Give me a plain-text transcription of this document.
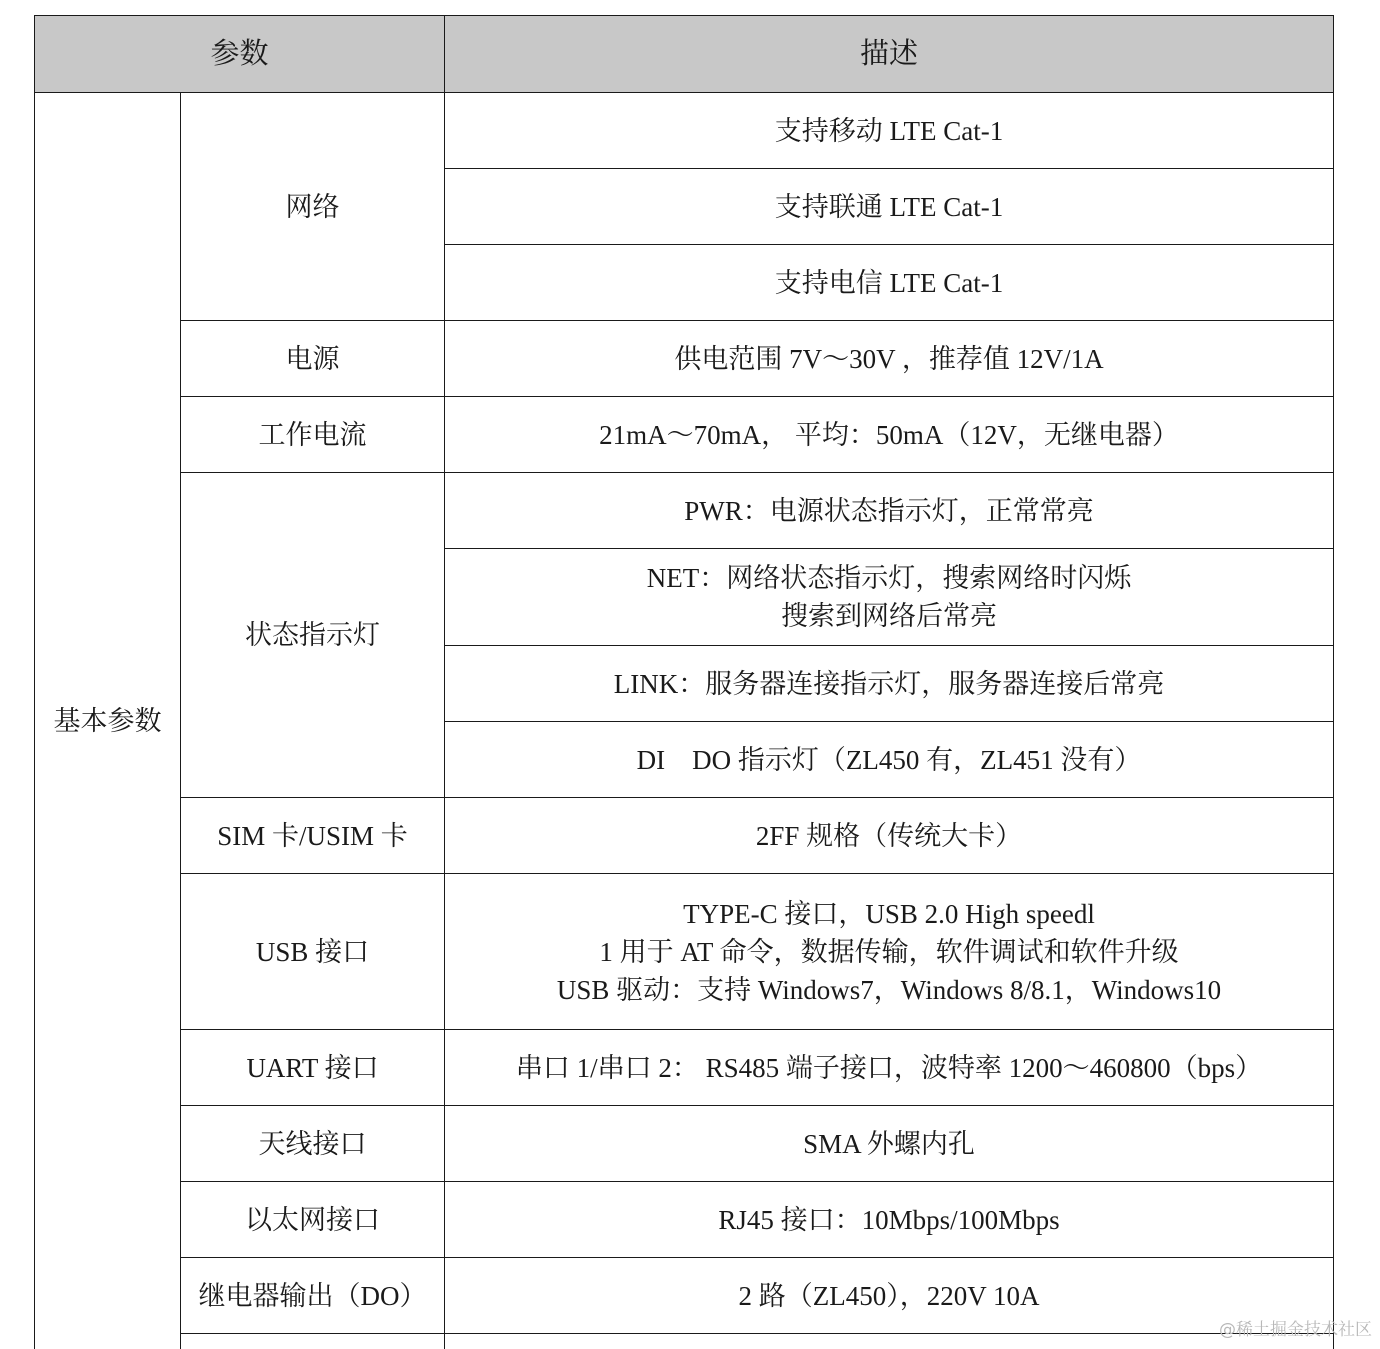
参数		描述
基本参数	网络	支持移动 LTE Cat-1
		支持联通 LTE Cat-1
		支持电信 LTE Cat-1
	电源	供电范围 7V～30V ，推荐值 12V/1A
	工作电流	21mA～70mA， 平均：50mA（12V，无继电器）
	状态指示灯	PWR：电源状态指示灯，正常常亮

		NET：网络状态指示灯，搜索网络时闪烁
搜索到网络后常亮

		LINK：服务器连接指示灯，服务器连接后常亮
		DI    DO 指示灯（ZL450 有，ZL451 没有）
	SIM 卡/USIM 卡	2FF 规格（传统大卡）
	USB 接口	TYPE-C 接口，USB 2.0 High speedl
1 用于 AT 命令，数据传输，软件调试和软件升级
USB 驱动：支持 Windows7，Windows 8/8.1，Windows10

	UART 接口	串口 1/串口 2： RS485 端子接口，波特率 1200～460800（bps）
	天线接口	SMA 外螺内孔
	以太网接口	RJ45 接口：10Mbps/100Mbps
	继电器输出（DO）	2 路（ZL450），220V 10A

@稀土掘金技术社区
